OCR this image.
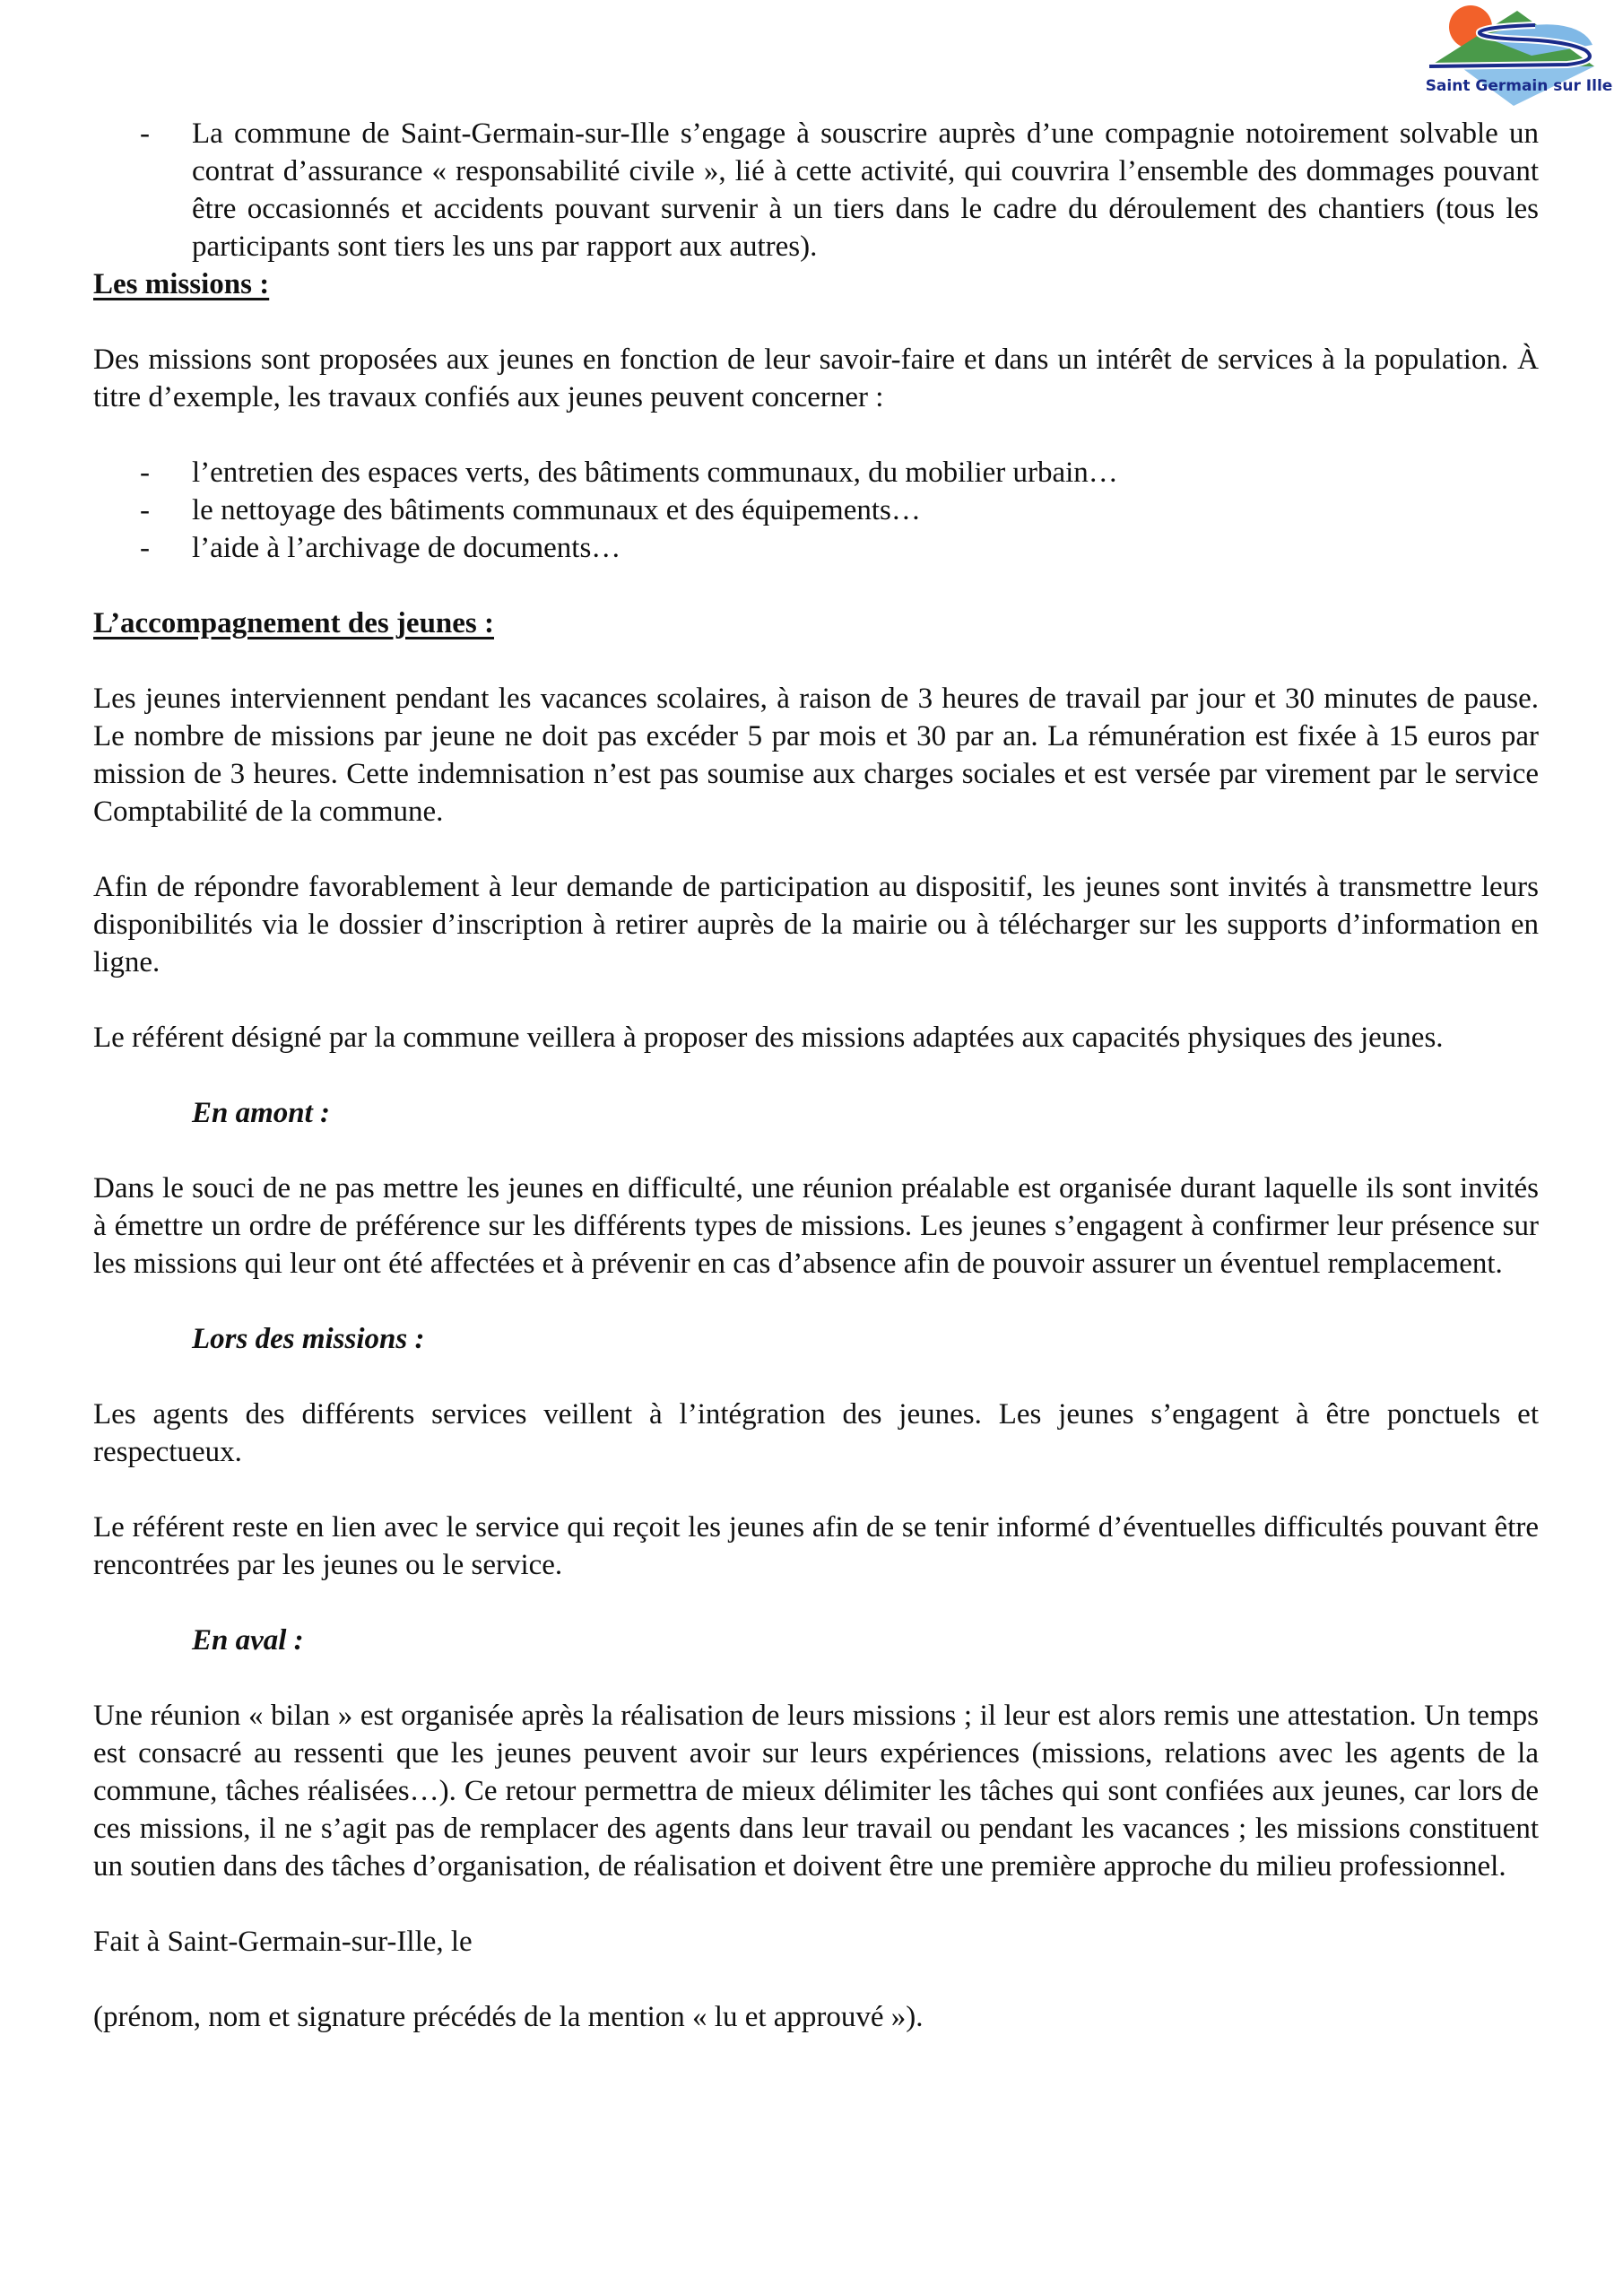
Saint Germain sur Ille
- La commune de Saint-Germain-sur-Ille s’engage à souscrire auprès d’une compagnie notoirement solvable un contrat d’assurance « responsabilité civile », lié à cette activité, qui couvrira l’ensemble des dommages pouvant être occasionnés et accidents pouvant survenir à un tiers dans le cadre du déroulement des chantiers (tous les participants sont tiers les uns par rapport aux autres).

Les missions :

Des missions sont proposées aux jeunes en fonction de leur savoir-faire et dans un intérêt de services à la population. À titre d’exemple, les travaux confiés aux jeunes peuvent concerner :

- l’entretien des espaces verts, des bâtiments communaux, du mobilier urbain…
- le nettoyage des bâtiments communaux et des équipements…
- l’aide à l’archivage de documents…

L’accompagnement des jeunes :

Les jeunes interviennent pendant les vacances scolaires, à raison de 3 heures de travail par jour et 30 minutes de pause. Le nombre de missions par jeune ne doit pas excéder 5 par mois et 30 par an. La rémunération est fixée à 15 euros par mission de 3 heures. Cette indemnisation n’est pas soumise aux charges sociales et est versée par virement par le service Comptabilité de la commune.

Afin de répondre favorablement à leur demande de participation au dispositif, les jeunes sont invités à transmettre leurs disponibilités via le dossier d’inscription à retirer auprès de la mairie ou à télécharger sur les supports d’information en ligne.

Le référent désigné par la commune veillera à proposer des missions adaptées aux capacités physiques des jeunes.

En amont :

Dans le souci de ne pas mettre les jeunes en difficulté, une réunion préalable est organisée durant laquelle ils sont invités à émettre un ordre de préférence sur les différents types de missions. Les jeunes s’engagent à confirmer leur présence sur les missions qui leur ont été affectées et à prévenir en cas d’absence afin de pouvoir assurer un éventuel remplacement.

Lors des missions :

Les agents des différents services veillent à l’intégration des jeunes. Les jeunes s’engagent à être ponctuels et respectueux.

Le référent reste en lien avec le service qui reçoit les jeunes afin de se tenir informé d’éventuelles difficultés pouvant être rencontrées par les jeunes ou le service.

En aval :

Une réunion « bilan » est organisée après la réalisation de leurs missions ; il leur est alors remis une attestation. Un temps est consacré au ressenti que les jeunes peuvent avoir sur leurs expériences (missions, relations avec les agents de la commune, tâches réalisées…). Ce retour permettra de mieux délimiter les tâches qui sont confiées aux jeunes, car lors de ces missions, il ne s’agit pas de remplacer des agents dans leur travail ou pendant les vacances ; les missions constituent un soutien dans des tâches d’organisation, de réalisation et doivent être une première approche du milieu professionnel.

Fait à Saint-Germain-sur-Ille, le

(prénom, nom et signature précédés de la mention « lu et approuvé »).
